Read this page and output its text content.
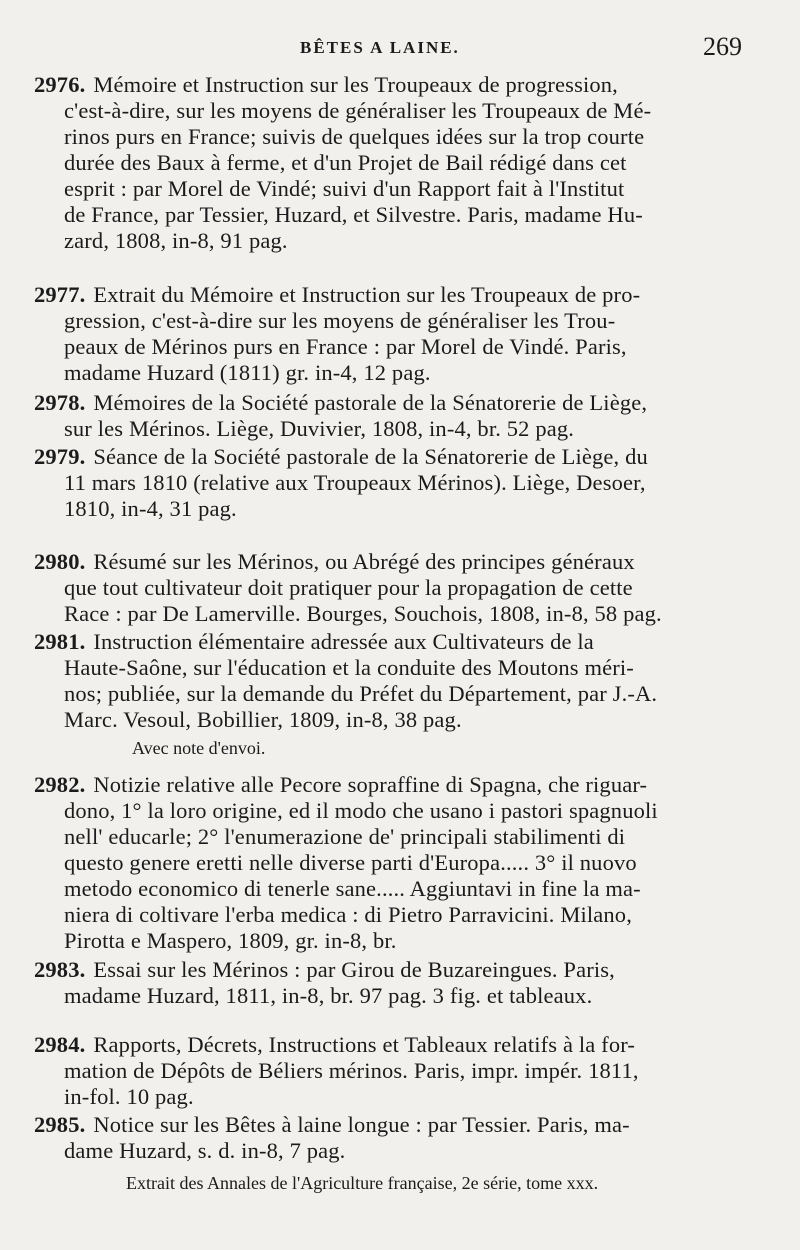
BÊTES A LAINE.	269
2976. Mémoire et Instruction sur les Troupeaux de progression,
c'est-à-dire, sur les moyens de généraliser les Troupeaux de Mé-
rinos purs en France; suivis de quelques idées sur la trop courte
durée des Baux à ferme, et d'un Projet de Bail rédigé dans cet
esprit : par Morel de Vindé; suivi d'un Rapport fait à l'Institut
de France, par Tessier, Huzard, et Silvestre. Paris, madame Hu-
zard, 1808, in-8, 91 pag.
2977. Extrait du Mémoire et Instruction sur les Troupeaux de pro-
gression, c'est-à-dire sur les moyens de généraliser les Trou-
peaux de Mérinos purs en France : par Morel de Vindé. Paris,
madame Huzard (1811) gr. in-4, 12 pag.
2978. Mémoires de la Société pastorale de la Sénatorerie de Liège,
sur les Mérinos. Liège, Duvivier, 1808, in-4, br. 52 pag.
2979. Séance de la Société pastorale de la Sénatorerie de Liège, du
11 mars 1810 (relative aux Troupeaux Mérinos). Liège, Desoer,
1810, in-4, 31 pag.
2980. Résumé sur les Mérinos, ou Abrégé des principes généraux
que tout cultivateur doit pratiquer pour la propagation de cette
Race : par De Lamerville. Bourges, Souchois, 1808, in-8, 58 pag.
2981. Instruction élémentaire adressée aux Cultivateurs de la
Haute-Saône, sur l'éducation et la conduite des Moutons méri-
nos; publiée, sur la demande du Préfet du Département, par J.-A.
Marc. Vesoul, Bobillier, 1809, in-8, 38 pag.
Avec note d'envoi.
2982. Notizie relative alle Pecore sopraffine di Spagna, che riguar-
dono, 1° la loro origine, ed il modo che usano i pastori spagnuoli
nell' educarle; 2° l'enumerazione de' principali stabilimenti di
questo genere eretti nelle diverse parti d'Europa..... 3° il nuovo
metodo economico di tenerle sane..... Aggiuntavi in fine la ma-
niera di coltivare l'erba medica : di Pietro Parravicini. Milano,
Pirotta e Maspero, 1809, gr. in-8, br.
2983. Essai sur les Mérinos : par Girou de Buzareingues. Paris,
madame Huzard, 1811, in-8, br. 97 pag. 3 fig. et tableaux.
2984. Rapports, Décrets, Instructions et Tableaux relatifs à la for-
mation de Dépôts de Béliers mérinos. Paris, impr. impér. 1811,
in-fol. 10 pag.
2985. Notice sur les Bêtes à laine longue : par Tessier. Paris, ma-
dame Huzard, s. d. in-8, 7 pag.
Extrait des Annales de l'Agriculture française, 2e série, tome xxx.
